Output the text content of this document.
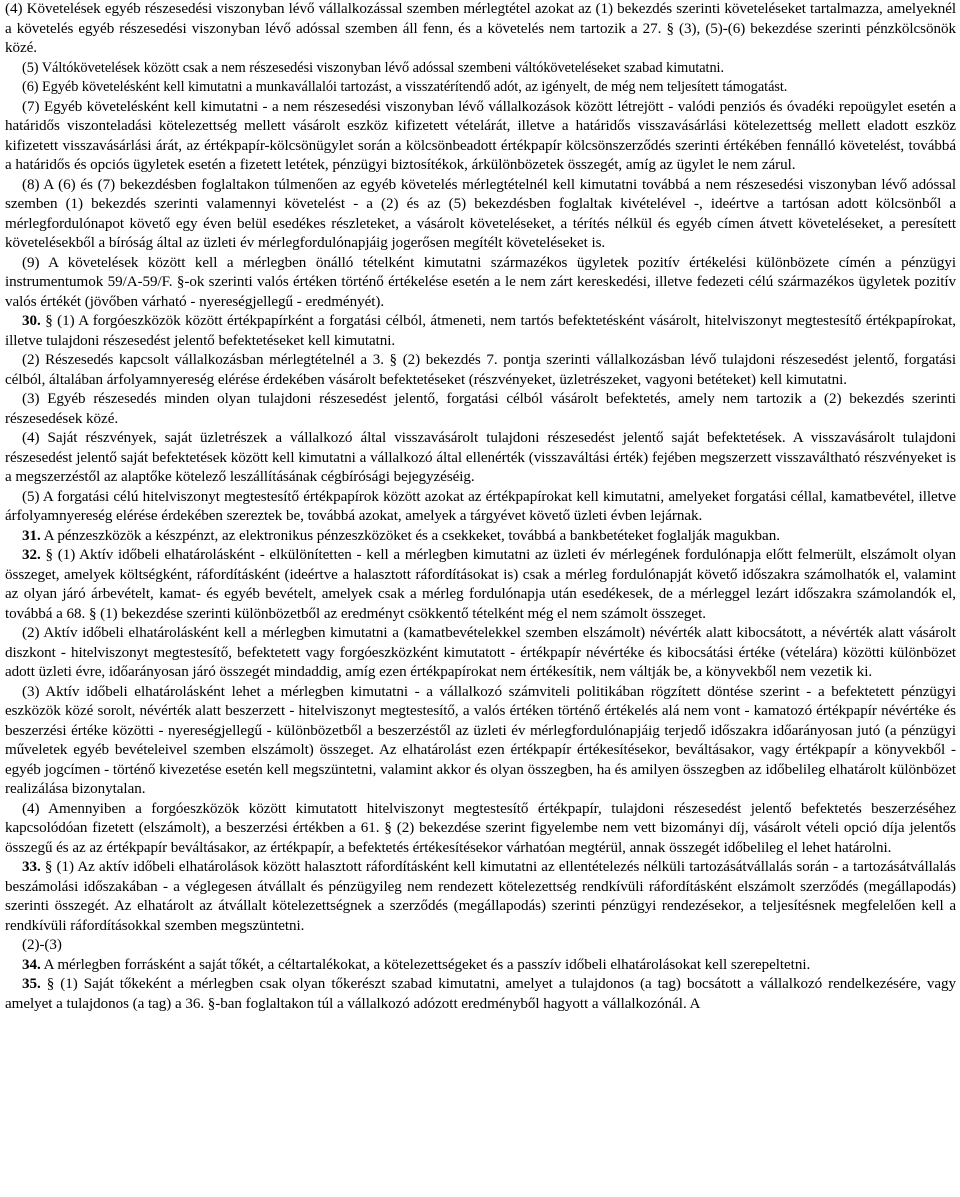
(4) Követelések egyéb részesedési viszonyban lévő vállalkozással szemben mérlegtétel azokat az (1) bekezdés szerinti követeléseket tartalmazza, amelyeknél a követelés egyéb részesedési viszonyban lévő adóssal szemben áll fenn, és a követelés nem tartozik a 27. § (3), (5)-(6) bekezdése szerinti pénzkölcsönök közé.

(5) Váltókövetelések között csak a nem részesedési viszonyban lévő adóssal szembeni váltóköveteléseket szabad kimutatni.

(6) Egyéb követelésként kell kimutatni a munkavállalói tartozást, a visszatérítendő adót, az igényelt, de még nem teljesített támogatást.

(7) Egyéb követelésként kell kimutatni - a nem részesedési viszonyban lévő vállalkozások között létrejött - valódi penziós és óvadéki repoügylet esetén a határidős viszonteladási kötelezettség mellett vásárolt eszköz kifizetett vételárát, illetve a határidős visszavásárlási kötelezettség mellett eladott eszköz kifizetett visszavásárlási árát, az értékpapír-kölcsönügylet során a kölcsönbeadott értékpapír kölcsönszerződés szerinti értékében fennálló követelést, továbbá a határidős és opciós ügyletek esetén a fizetett letétek, pénzügyi biztosítékok, árkülönbözetek összegét, amíg az ügylet le nem zárul.

(8) A (6) és (7) bekezdésben foglaltakon túlmenően az egyéb követelés mérlegtételnél kell kimutatni továbbá a nem részesedési viszonyban lévő adóssal szemben (1) bekezdés szerinti valamennyi követelést - a (2) és az (5) bekezdésben foglaltak kivételével -, ideértve a tartósan adott kölcsönből a mérlegfordulónapot követő egy éven belül esedékes részleteket, a vásárolt követeléseket, a térítés nélkül és egyéb címen átvett követeléseket, a peresített követelésekből a bíróság által az üzleti év mérlegfordulónapjáig jogerősen megítélt követeléseket is.

(9) A követelések között kell a mérlegben önálló tételként kimutatni származékos ügyletek pozitív értékelési különbözete címén a pénzügyi instrumentumok 59/A-59/F. §-ok szerinti valós értéken történő értékelése esetén a le nem zárt kereskedési, illetve fedezeti célú származékos ügyletek pozitív valós értékét (jövőben várható - nyereségjellegű - eredményét).

30. § (1) A forgóeszközök között értékpapírként a forgatási célból, átmeneti, nem tartós befektetésként vásárolt, hitelviszonyt megtestesítő értékpapírokat, illetve tulajdoni részesedést jelentő befektetéseket kell kimutatni.

(2) Részesedés kapcsolt vállalkozásban mérlegtételnél a 3. § (2) bekezdés 7. pontja szerinti vállalkozásban lévő tulajdoni részesedést jelentő, forgatási célból, általában árfolyamnyereség elérése érdekében vásárolt befektetéseket (részvényeket, üzletrészeket, vagyoni betéteket) kell kimutatni.

(3) Egyéb részesedés minden olyan tulajdoni részesedést jelentő, forgatási célból vásárolt befektetés, amely nem tartozik a (2) bekezdés szerinti részesedések közé.

(4) Saját részvények, saját üzletrészek a vállalkozó által visszavásárolt tulajdoni részesedést jelentő saját befektetések. A visszavásárolt tulajdoni részesedést jelentő saját befektetések között kell kimutatni a vállalkozó által ellenérték (visszaváltási érték) fejében megszerzett visszaváltható részvényeket is a megszerzéstől az alaptőke kötelező leszállításának cégbírósági bejegyzéséig.

(5) A forgatási célú hitelviszonyt megtestesítő értékpapírok között azokat az értékpapírokat kell kimutatni, amelyeket forgatási céllal, kamatbevétel, illetve árfolyamnyereség elérése érdekében szereztek be, továbbá azokat, amelyek a tárgyévet követő üzleti évben lejárnak.

31. A pénzeszközök a készpénzt, az elektronikus pénzeszközöket és a csekkeket, továbbá a bankbetéteket foglalják magukban.

32. § (1) Aktív időbeli elhatárolásként - elkülönítetten - kell a mérlegben kimutatni az üzleti év mérlegének fordulónapja előtt felmerült, elszámolt olyan összeget, amelyek költségként, ráfordításként (ideértve a halasztott ráfordításokat is) csak a mérleg fordulónapját követő időszakra számolhatók el, valamint az olyan járó árbevételt, kamat- és egyéb bevételt, amelyek csak a mérleg fordulónapja után esedékesek, de a mérleggel lezárt időszakra számolandók el, továbbá a 68. § (1) bekezdése szerinti különbözetből az eredményt csökkentő tételként még el nem számolt összeget.

(2) Aktív időbeli elhatárolásként kell a mérlegben kimutatni a (kamatbevételekkel szemben elszámolt) névérték alatt kibocsátott, a névérték alatt vásárolt diszkont - hitelviszonyt megtestesítő, befektetett vagy forgóeszközként kimutatott - értékpapír névértéke és kibocsátási értéke (vételára) közötti különbözet adott üzleti évre, időarányosan járó összegét mindaddig, amíg ezen értékpapírokat nem értékesítik, nem váltják be, a könyvekből nem vezetik ki.

(3) Aktív időbeli elhatárolásként lehet a mérlegben kimutatni - a vállalkozó számviteli politikában rögzített döntése szerint - a befektetett pénzügyi eszközök közé sorolt, névérték alatt beszerzett - hitelviszonyt megtestesítő, a valós értéken történő értékelés alá nem vont - kamatozó értékpapír névértéke és beszerzési értéke közötti - nyereségjellegű - különbözetből a beszerzéstől az üzleti év mérlegfordulónapjáig terjedő időszakra időarányosan jutó (a pénzügyi műveletek egyéb bevételeivel szemben elszámolt) összeget. Az elhatárolást ezen értékpapír értékesítésekor, beváltásakor, vagy értékpapír a könyvekből - egyéb jogcímen - történő kivezetése esetén kell megszüntetni, valamint akkor és olyan összegben, ha és amilyen összegben az időbelileg elhatárolt különbözet realizálása bizonytalan.

(4) Amennyiben a forgóeszközök között kimutatott hitelviszonyt megtestesítő értékpapír, tulajdoni részesedést jelentő befektetés beszerzéséhez kapcsolódóan fizetett (elszámolt), a beszerzési értékben a 61. § (2) bekezdése szerint figyelembe nem vett bizományi díj, vásárolt vételi opció díja jelentős összegű és az az értékpapír beváltásakor, az értékpapír, a befektetés értékesítésekor várhatóan megtérül, annak összegét időbelileg el lehet határolni.

33. § (1) Az aktív időbeli elhatárolások között halasztott ráfordításként kell kimutatni az ellentételezés nélküli tartozásátvállalás során - a tartozásátvállalás beszámolási időszakában - a véglegesen átvállalt és pénzügyileg nem rendezett kötelezettség rendkívüli ráfordításként elszámolt szerződés (megállapodás) szerinti összegét. Az elhatárolt az átvállalt kötelezettségnek a szerződés (megállapodás) szerinti pénzügyi rendezésekor, a teljesítésnek megfelelően kell a rendkívüli ráfordításokkal szemben megszüntetni.

(2)-(3)

34. A mérlegben forrásként a saját tőkét, a céltartalékokat, a kötelezettségeket és a passzív időbeli elhatárolásokat kell szerepeltetni.

35. § (1) Saját tőkeként a mérlegben csak olyan tőkerészt szabad kimutatni, amelyet a tulajdonos (a tag) bocsátott a vállalkozó rendelkezésére, vagy amelyet a tulajdonos (a tag) a 36. §-ban foglaltakon túl a vállalkozó adózott eredményből hagyott a vállalkozónál. A
